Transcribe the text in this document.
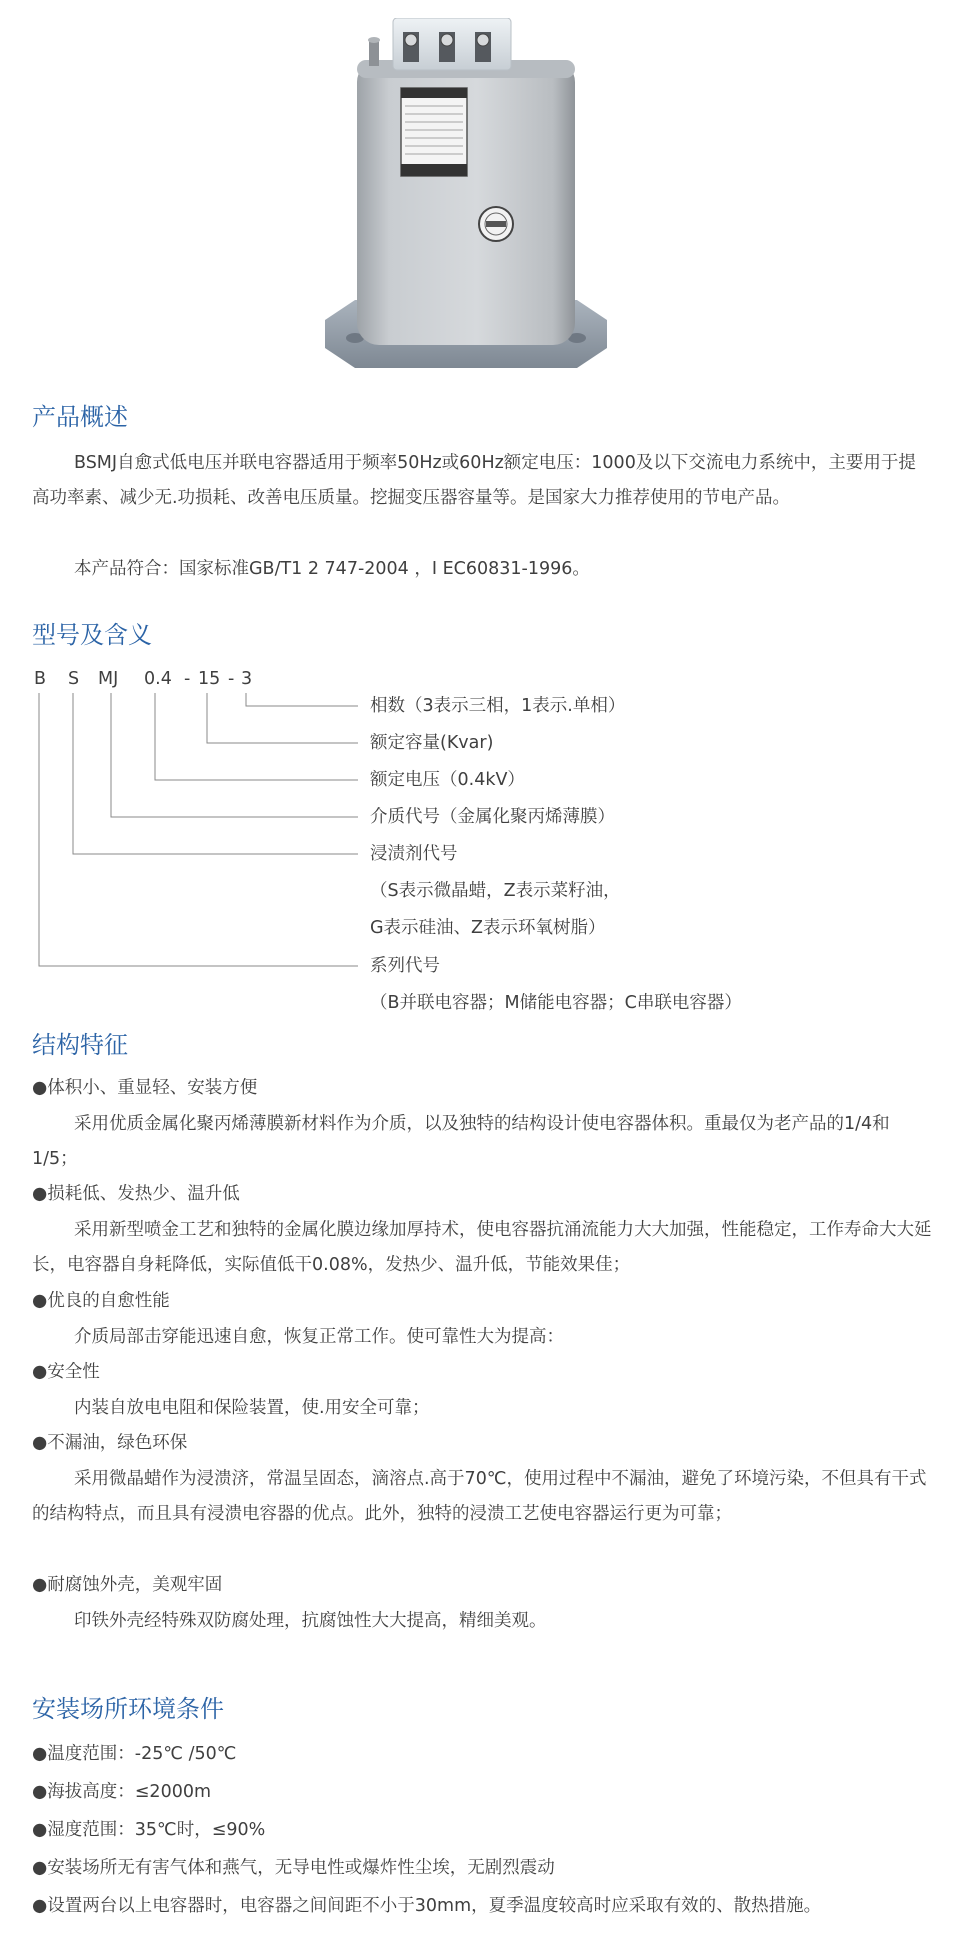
产品概述

BSMJ自愈式低电压并联电容器适用于频率50Hz或60Hz额定电压：1000及以下交流电力系统中，主要用于提高功率素、减少无.功损耗、改善电压质量。挖掘变压器容量等。是国家大力推荐使用的节电产品。

本产品符合：国家标准GB/T1 2 747-2004 ，I EC60831-1996。

型号及含义
B S MJ 0.4 - 15 - 3
相数（3表示三相，1表示.单相）
额定容量(Kvar)
额定电压（0.4kV）
介质代号（金属化聚丙烯薄膜）
浸渍剂代号
（S表示微晶蜡，Z表示菜籽油，
G表示硅油、Z表示环氧树脂）
系列代号
（B并联电容器；M储能电容器；C串联电容器）
结构特征
●体积小、重显轻、安装方便

采用优质金属化聚丙烯薄膜新材料作为介质，以及独特的结构设计使电容器体积。重最仅为老产品的1/4和1/5；

●损耗低、发热少、温升低

采用新型喷金工艺和独特的金属化膜边缘加厚持术，使电容器抗涌流能力大大加强，性能稳定，工作寿命大大延长，电容器自身耗降低，实际值低干0.08%，发热少、温升低，节能效果佳；

●优良的自愈性能

介质局部击穿能迅速自愈，恢复正常工作。使可靠性大为提高：

●安全性

内装自放电电阻和保险装置，使.用安全可靠；

●不漏油，绿色环保

采用微晶蜡作为浸溃济，常温呈固态，滴溶点.高于70℃，使用过程中不漏油，避免了环境污染，不但具有干式的结构特点，而且具有浸溃电容器的优点。此外，独特的浸溃工艺使电容器运行更为可靠；

●耐腐蚀外壳，美观牢固

印铁外壳经特殊双防腐处理，抗腐蚀性大大提高，精细美观。

安装场所环境条件
●温度范围：-25℃ /50℃
●海拔高度：≤2000m
●湿度范围：35℃时，≤90%
●安装场所无有害气体和燕气，无导电性或爆炸性尘埃，无剧烈震动
●设置两台以上电容器时，电容器之间间距不小于30mm，夏季温度较高时应采取有效的、散热措施。
